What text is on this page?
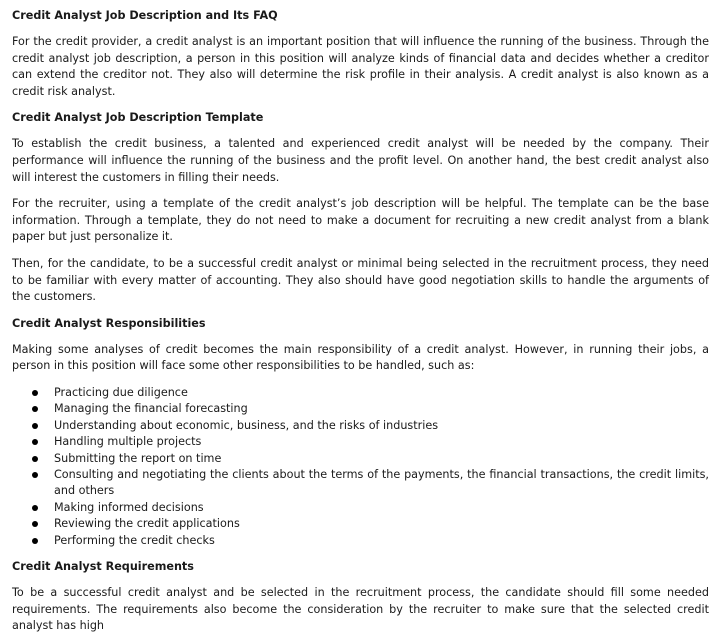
Credit Analyst Job Description and Its FAQ

For the credit provider, a credit analyst is an important position that will influence the running of the business. Through the credit analyst job description, a person in this position will analyze kinds of financial data and decides whether a creditor can extend the creditor not. They also will determine the risk profile in their analysis. A credit analyst is also known as a credit risk analyst.

Credit Analyst Job Description Template

To establish the credit business, a talented and experienced credit analyst will be needed by the company. Their performance will influence the running of the business and the profit level. On another hand, the best credit analyst also will interest the customers in filling their needs.

For the recruiter, using a template of the credit analyst’s job description will be helpful. The template can be the base information. Through a template, they do not need to make a document for recruiting a new credit analyst from a blank paper but just personalize it.

Then, for the candidate, to be a successful credit analyst or minimal being selected in the recruitment process, they need to be familiar with every matter of accounting. They also should have good negotiation skills to handle the arguments of the customers.

Credit Analyst Responsibilities

Making some analyses of credit becomes the main responsibility of a credit analyst. However, in running their jobs, a person in this position will face some other responsibilities to be handled, such as:

Practicing due diligence
Managing the financial forecasting
Understanding about economic, business, and the risks of industries
Handling multiple projects
Submitting the report on time
Consulting and negotiating the clients about the terms of the payments, the financial transactions, the credit limits, and others
Making informed decisions
Reviewing the credit applications
Performing the credit checks
Credit Analyst Requirements

To be a successful credit analyst and be selected in the recruitment process, the candidate should fill some needed requirements. The requirements also become the consideration by the recruiter to make sure that the selected credit analyst has high
